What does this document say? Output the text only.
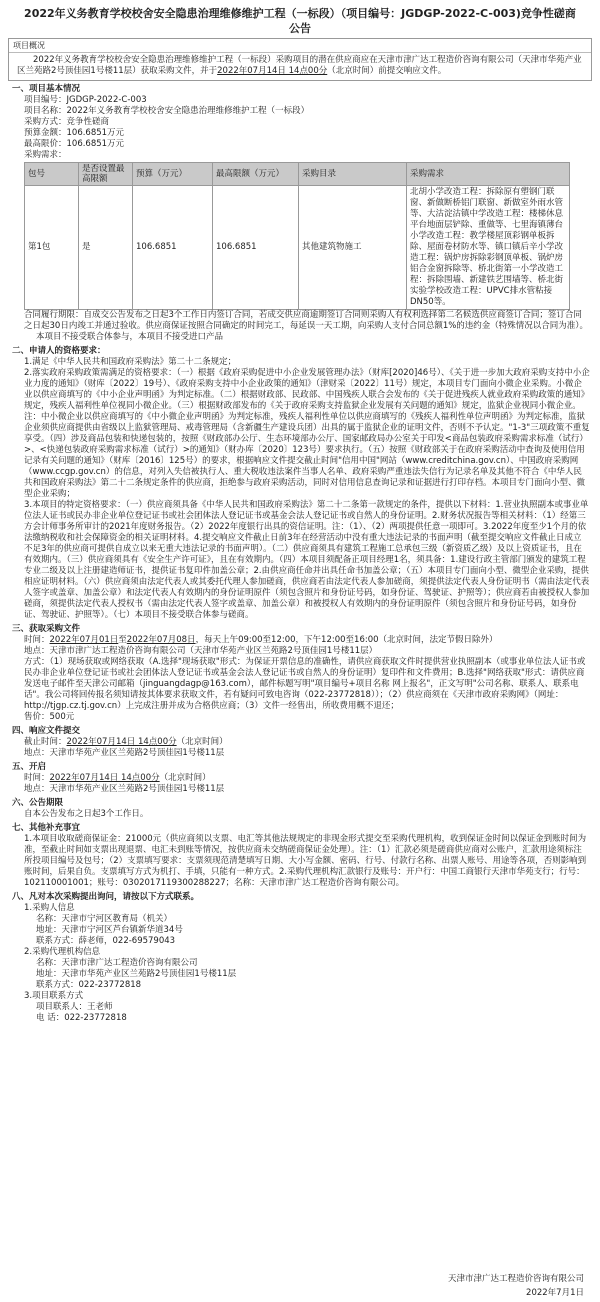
2022年义务教育学校校舍安全隐患治理维修维护工程（一标段）（项目编号：JGDGP-2022-C-003)竞争性磋商公告
项目概况
2022年义务教育学校校舍安全隐患治理维修维护工程（一标段）采购项目的潜在供应商应在天津市津广达工程造价咨询有限公司（天津市华苑产业区兰苑路2号顶佳园1号楼11层）获取采购文件，并于2022年07月14日 14点00分（北京时间）前提交响应文件。
一、项目基本情况
项目编号：JGDGP-2022-C-003
项目名称：2022年义务教育学校校舍安全隐患治理维修维护工程（一标段）
采购方式：竞争性磋商
预算金额：106.6851万元
最高限价：106.6851万元
采购需求：
包号	是否设置最高限额	预算（万元）	最高限额（万元）	采购目录	采购需求
第1包	是	106.6851	106.6851	其他建筑物施工	北胡小学改造工程：拆除原有塑钢门联窗、新做断桥铝门联窗、新做室外雨水管等、大沽淀沽镇中学改造工程：楼梯休息平台地面层铲除、重做等、七里海镇薄台小学改造工程：教学楼屋顶彩钢单板拆除、屋面卷材防水等、镇口镇后辛小学改造工程：锅炉房拆除彩钢顶单板、锅炉房铝合金窗拆除等、桥北街第一小学改造工程：拆除围墙、新建铁艺围墙等、桥北街实验学校改造工程：UPVC排水管粘接DN50等。
合同履行期限：自成交公告发布之日起3个工作日内签订合同，若成交供应商逾期签订合同则采购人有权利选择第二名候选供应商签订合同；签订合同之日起30日内竣工并通过验收。供应商保证按照合同确定的时间完工，每延误一天工期，向采购人支付合同总额1%的违约金（特殊情况以合同为准）。
本项目不接受联合体参与，本项目不接受进口产品
二、申请人的资格要求：
1.满足《中华人民共和国政府采购法》第二十二条规定；
2.落实政府采购政策需满足的资格要求：（一）根据《政府采购促进中小企业发展管理办法》（财库[2020]46号）、《关于进一步加大政府采购支持中小企业力度的通知》（财库〔2022〕19号）、《政府采购支持中小企业政策的通知》（津财采〔2022〕11号）规定，本项目专门面向小微企业采购。小微企业以供应商填写的《中小企业声明函》为判定标准。（二）根据财政部、民政部、中国残疾人联合会发布的《关于促进残疾人就业政府采购政策的通知》规定，残疾人福利性单位视同小微企业。（三）根据财政部发布的《关于政府采购支持监狱企业发展有关问题的通知》规定，监狱企业视同小微企业。注：中小微企业以供应商填写的《中小微企业声明函》为判定标准，残疾人福利性单位以供应商填写的《残疾人福利性单位声明函》为判定标准，监狱企业须供应商提供由省级以上监狱管理局、戒毒管理局（含新疆生产建设兵团）出具的属于监狱企业的证明文件，否则不予认定。"1-3"三项政策不重复享受。（四）涉及商品包装和快递包装的，按照《财政部办公厅、生态环境部办公厅、国家邮政局办公室关于印发<商品包装政府采购需求标准（试行）>、<快递包装政府采购需求标准（试行）>的通知》（财办库〔2020〕123号）要求执行。（五）按照《财政部关于在政府采购活动中查询及使用信用记录有关问题的通知》（财库〔2016〕125号）的要求，根据响应文件提交截止时间"信用中国"网站（www.creditchina.gov.cn）、中国政府采购网（www.ccgp.gov.cn）的信息，对列入失信被执行人、重大税收违法案件当事人名单、政府采购严重违法失信行为记录名单及其他不符合《中华人民共和国政府采购法》第二十二条规定条件的供应商，拒绝参与政府采购活动，同时对信用信息查询记录和证据进行打印存档。本项目专门面向小型、微型企业采购；
3.本项目的特定资格要求：（一）供应商须具备《中华人民共和国政府采购法》第二十二条第一款规定的条件，提供以下材料：1.营业执照副本或事业单位法人证书或民办非企业单位登记证书或社会团体法人登记证书或基金会法人登记证书或自然人的身份证明。2.财务状况报告等相关材料：（1）经第三方会计师事务所审计的2021年度财务报告。（2）2022年度银行出具的资信证明。注：（1）、（2）两项提供任意一项即可。3.2022年度至少1个月的依法缴纳税收和社会保障资金的相关证明材料。4.提交响应文件截止日前3年在经营活动中没有重大违法记录的书面声明（截至提交响应文件截止日成立不足3年的供应商可提供自成立以来无重大违法记录的书面声明）。（二）供应商须具有建筑工程施工总承包三级（新资质乙级）及以上资质证书，且在有效期内。（三）供应商须具有《安全生产许可证》，且在有效期内。（四）本项目须配备正项目经理1名，须具备：1.建设行政主管部门颁发的建筑工程专业二级及以上注册建造师证书，提供证书复印件加盖公章；2.由供应商任命并出具任命书加盖公章；（五）本项目专门面向小型、微型企业采购，提供相应证明材料。（六）供应商须由法定代表人或其委托代理人参加磋商，供应商若由法定代表人参加磋商，须提供法定代表人身份证明书（需由法定代表人签字或盖章、加盖公章）和法定代表人有效期内的身份证明原件（须包含照片和身份证号码，如身份证、驾驶证、护照等）；供应商若由被授权人参加磋商，须提供法定代表人授权书（需由法定代表人签字或盖章、加盖公章）和被授权人有效期内的身份证明原件（须包含照片和身份证号码，如身份证、驾驶证、护照等）。（七）本项目不接受联合体参与磋商。
三、获取采购文件
时间：2022年07月01日至2022年07月08日，每天上午09:00至12:00，下午12:00至16:00（北京时间，法定节假日除外）
地点：天津市津广达工程造价咨询有限公司（天津市华苑产业区兰苑路2号顶佳园1号楼11层）
方式：（1）现场获取或网络获取（A.选择"现场获取"形式：为保证开票信息的准确性，请供应商获取文件时提供营业执照副本（或事业单位法人证书或民办非企业单位登记证书或社会团体法人登记证书或基金会法人登记证书或自然人的身份证明）复印件和文件费用；B.选择"网络获取"形式：请供应商发送电子邮件至天津公司邮箱（jinguangdagp@163.com），邮件标题写明"项目编号+项目名称 网上报名"，正文写明"公司名称、联系人、联系电话"。我公司将回传报名须知请按其体要求获取文件，若有疑问可致电咨询（022-23772818））；（2）供应商须在《天津市政府采购网》（网址：http://tjgp.cz.tj.gov.cn）上完成注册并成为合格供应商；（3）文件一经售出，所收费用概不退还；
售价：500元
四、响应文件提交
截止时间：2022年07月14日 14点00分（北京时间）
地点：天津市华苑产业区兰苑路2号顶佳园1号楼11层
五、开启
时间：2022年07月14日 14点00分（北京时间）
地点：天津市华苑产业区兰苑路2号顶佳园1号楼11层
六、公告期限
自本公告发布之日起3个工作日。
七、其他补充事宜
1.本项目收取磋商保证金：21000元（供应商须以支票、电汇等其他法规规定的非现金形式提交至采购代理机构，收到保证金时间以保证金到账时间为准，至截止时间如支票出现退票、电汇未到账等情况，按供应商未交纳磋商保证金处理）。注：（1）汇款必须是磋商供应商对公账户，汇款用途须标注所投项目编号及包号；（2）支票填写要求：支票须现范清楚填写日期、大小写金额、密码、行号、付款行名称、出票人账号、用途等各项，否则影响到账时间，后果自负。支票填写方式为机打、手填，只能有一种方式。2.采购代理机构汇款银行及账号：开户行：中国工商银行天津市华苑支行；行号：102110001001；账号：0302017119300288227；名称：天津市津广达工程造价咨询有限公司。
八、凡对本次采购提出询问，请按以下方式联系。
1.采购人信息
名称：天津市宁河区教育局（机关）
地址：天津市宁河区芦台镇新华道34号
联系方式：薛老师，022-69579043
2.采购代理机构信息
名称：天津市津广达工程造价咨询有限公司
地址：天津市华苑产业区兰苑路2号顶佳园1号楼11层
联系方式：022-23772818
3.项目联系方式
项目联系人：王老师
电 话：022-23772818
天津市津广达工程造价咨询有限公司
2022年7月1日
